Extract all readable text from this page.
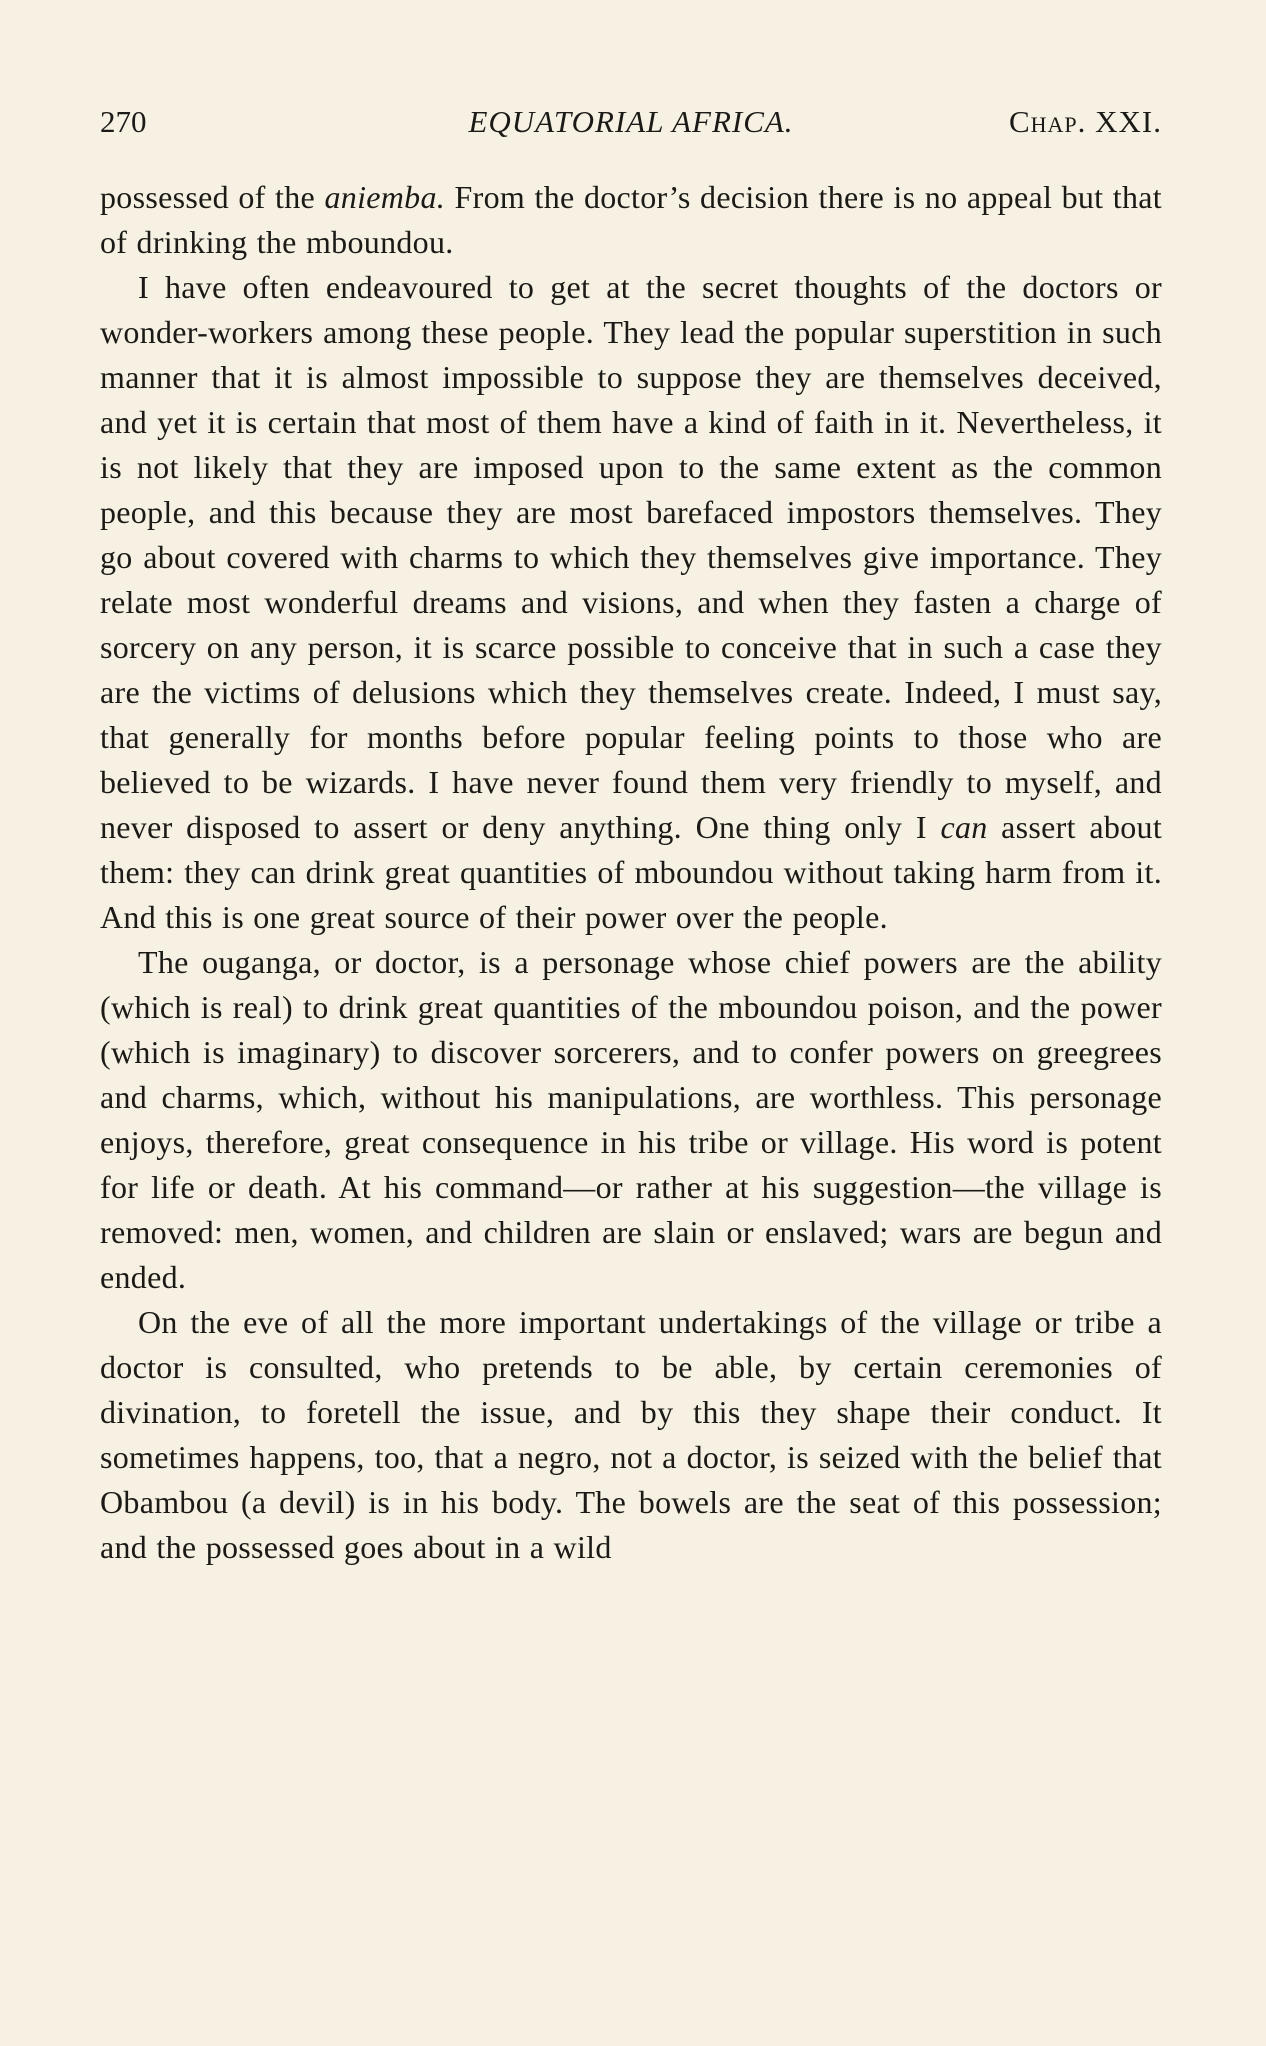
270	EQUATORIAL AFRICA.	Chap. XXI.

possessed of the aniemba. From the doctor’s decision there is no appeal but that of drinking the mboundou.

I have often endeavoured to get at the secret thoughts of the doctors or wonder-workers among these people. They lead the popular superstition in such manner that it is almost impossible to suppose they are themselves deceived, and yet it is certain that most of them have a kind of faith in it. Nevertheless, it is not likely that they are imposed upon to the same extent as the common people, and this because they are most barefaced impostors themselves. They go about covered with charms to which they themselves give importance. They relate most wonderful dreams and visions, and when they fasten a charge of sorcery on any person, it is scarce possible to conceive that in such a case they are the victims of delusions which they themselves create. Indeed, I must say, that generally for months before popular feeling points to those who are believed to be wizards. I have never found them very friendly to myself, and never disposed to assert or deny anything. One thing only I can assert about them: they can drink great quantities of mboundou without taking harm from it. And this is one great source of their power over the people.

The ouganga, or doctor, is a personage whose chief powers are the ability (which is real) to drink great quantities of the mboundou poison, and the power (which is imaginary) to discover sorcerers, and to confer powers on greegrees and charms, which, without his manipulations, are worthless. This personage enjoys, therefore, great consequence in his tribe or village. His word is potent for life or death. At his command—or rather at his suggestion—the village is removed: men, women, and children are slain or enslaved; wars are begun and ended.

On the eve of all the more important undertakings of the village or tribe a doctor is consulted, who pretends to be able, by certain ceremonies of divination, to foretell the issue, and by this they shape their conduct. It sometimes happens, too, that a negro, not a doctor, is seized with the belief that Obambou (a devil) is in his body. The bowels are the seat of this possession; and the possessed goes about in a wild
